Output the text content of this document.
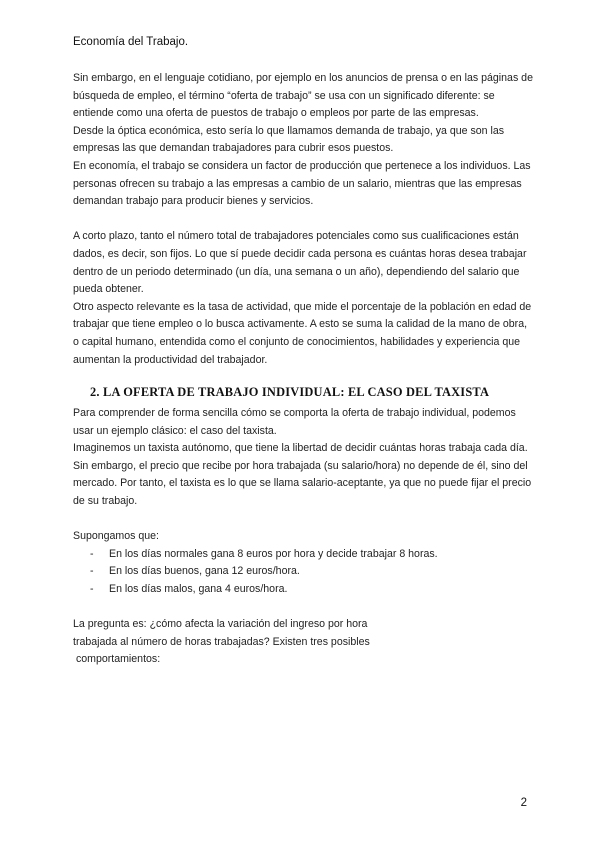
Economía del Trabajo.

Sin embargo, en el lenguaje cotidiano, por ejemplo en los anuncios de prensa o en las páginas de búsqueda de empleo, el término “oferta de trabajo” se usa con un significado diferente: se entiende como una oferta de puestos de trabajo o empleos por parte de las empresas.

Desde la óptica económica, esto sería lo que llamamos demanda de trabajo, ya que son las empresas las que demandan trabajadores para cubrir esos puestos.

En economía, el trabajo se considera un factor de producción que pertenece a los individuos. Las personas ofrecen su trabajo a las empresas a cambio de un salario, mientras que las empresas demandan trabajo para producir bienes y servicios.

A corto plazo, tanto el número total de trabajadores potenciales como sus cualificaciones están dados, es decir, son fijos. Lo que sí puede decidir cada persona es cuántas horas desea trabajar dentro de un periodo determinado (un día, una semana o un año), dependiendo del salario que pueda obtener.

Otro aspecto relevante es la tasa de actividad, que mide el porcentaje de la población en edad de trabajar que tiene empleo o lo busca activamente. A esto se suma la calidad de la mano de obra, o capital humano, entendida como el conjunto de conocimientos, habilidades y experiencia que aumentan la productividad del trabajador.

2. LA OFERTA DE TRABAJO INDIVIDUAL: EL CASO DEL TAXISTA

Para comprender de forma sencilla cómo se comporta la oferta de trabajo individual, podemos usar un ejemplo clásico: el caso del taxista.

Imaginemos un taxista autónomo, que tiene la libertad de decidir cuántas horas trabaja cada día. Sin embargo, el precio que recibe por hora trabajada (su salario/hora) no depende de él, sino del mercado. Por tanto, el taxista es lo que se llama salario-aceptante, ya que no puede fijar el precio de su trabajo.

Supongamos que:

- En los días normales gana 8 euros por hora y decide trabajar 8 horas.
- En los días buenos, gana 12 euros/hora.
- En los días malos, gana 4 euros/hora.

La pregunta es: ¿cómo afecta la variación del ingreso por hora

trabajada al número de horas trabajadas? Existen tres posibles

comportamientos:

2
